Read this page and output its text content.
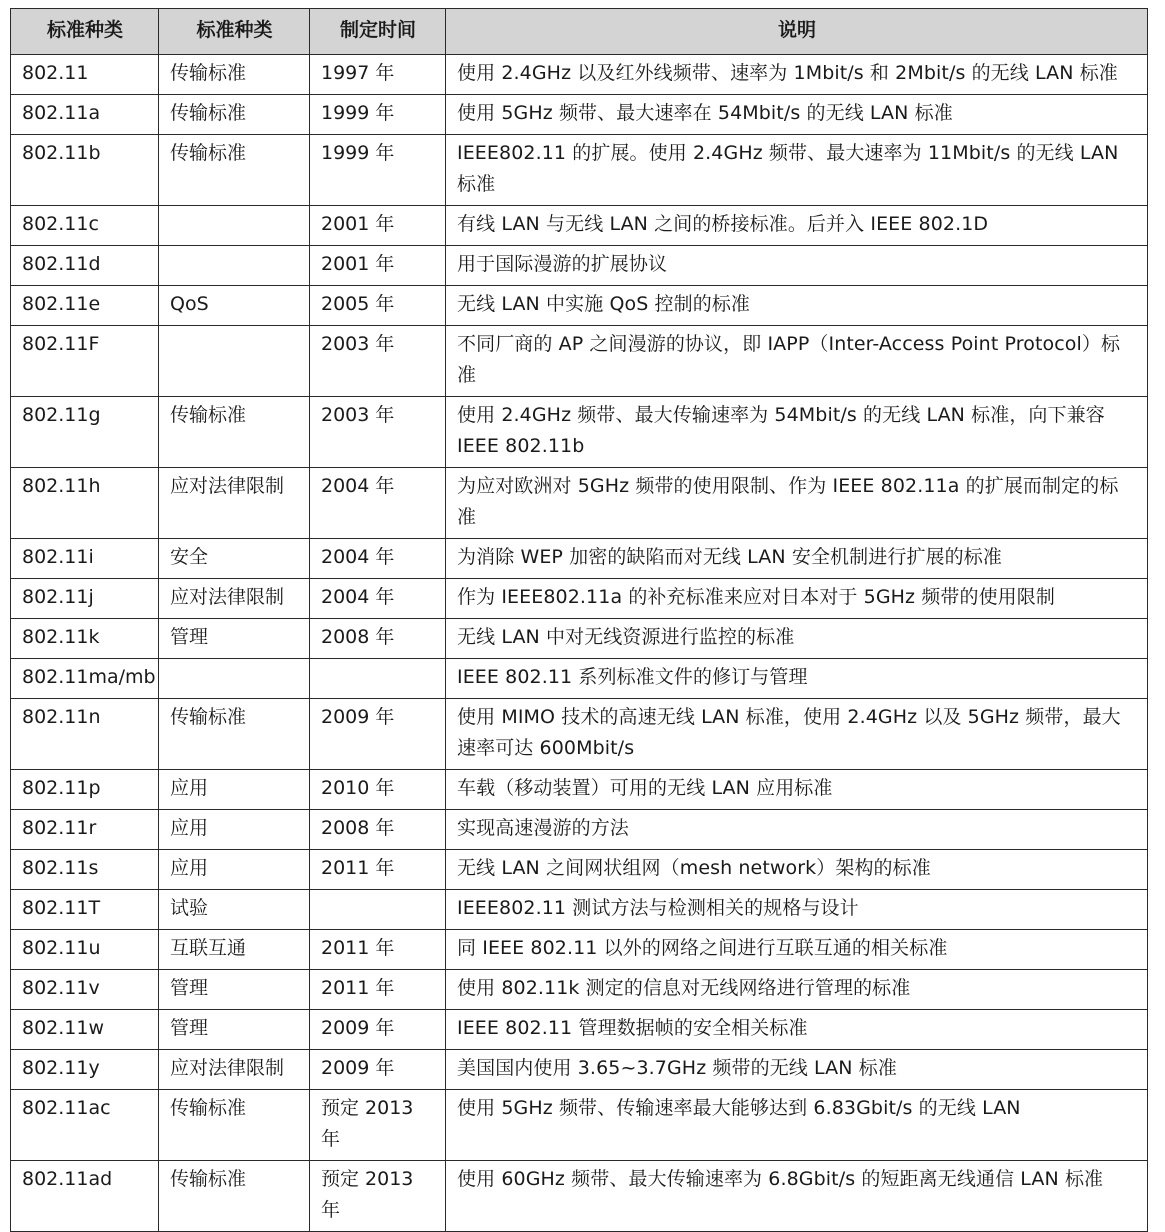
标准种类	标准种类	制定时间	说明
802.11	传输标准	1997 年	使用 2.4GHz 以及红外线频带、速率为 1Mbit/s 和 2Mbit/s 的无线 LAN 标准
802.11a	传输标准	1999 年	使用 5GHz 频带、最大速率在 54Mbit/s 的无线 LAN 标准
802.11b	传输标准	1999 年	IEEE802.11 的扩展。使用 2.4GHz 频带、最大速率为 11Mbit/s 的无线 LAN 标准
802.11c		2001 年	有线 LAN 与无线 LAN 之间的桥接标准。后并入 IEEE 802.1D
802.11d		2001 年	用于国际漫游的扩展协议
802.11e	QoS	2005 年	无线 LAN 中实施 QoS 控制的标准
802.11F		2003 年	不同厂商的 AP 之间漫游的协议，即 IAPP（Inter-Access Point Protocol）标准
802.11g	传输标准	2003 年	使用 2.4GHz 频带、最大传输速率为 54Mbit/s 的无线 LAN 标准，向下兼容 IEEE 802.11b
802.11h	应对法律限制	2004 年	为应对欧洲对 5GHz 频带的使用限制、作为 IEEE 802.11a 的扩展而制定的标准
802.11i	安全	2004 年	为消除 WEP 加密的缺陷而对无线 LAN 安全机制进行扩展的标准
802.11j	应对法律限制	2004 年	作为 IEEE802.11a 的补充标准来应对日本对于 5GHz 频带的使用限制
802.11k	管理	2008 年	无线 LAN 中对无线资源进行监控的标准
802.11ma/mb			IEEE 802.11 系列标准文件的修订与管理
802.11n	传输标准	2009 年	使用 MIMO 技术的高速无线 LAN 标准，使用 2.4GHz 以及 5GHz 频带，最大速率可达 600Mbit/s
802.11p	应用	2010 年	车载（移动装置）可用的无线 LAN 应用标准
802.11r	应用	2008 年	实现高速漫游的方法
802.11s	应用	2011 年	无线 LAN 之间网状组网（mesh network）架构的标准
802.11T	试验		IEEE802.11 测试方法与检测相关的规格与设计
802.11u	互联互通	2011 年	同 IEEE 802.11 以外的网络之间进行互联互通的相关标准
802.11v	管理	2011 年	使用 802.11k 测定的信息对无线网络进行管理的标准
802.11w	管理	2009 年	IEEE 802.11 管理数据帧的安全相关标准
802.11y	应对法律限制	2009 年	美国国内使用 3.65~3.7GHz 频带的无线 LAN 标准
802.11ac	传输标准	预定 2013 年	使用 5GHz 频带、传输速率最大能够达到 6.83Gbit/s 的无线 LAN
802.11ad	传输标准	预定 2013 年	使用 60GHz 频带、最大传输速率为 6.8Gbit/s 的短距离无线通信 LAN 标准
